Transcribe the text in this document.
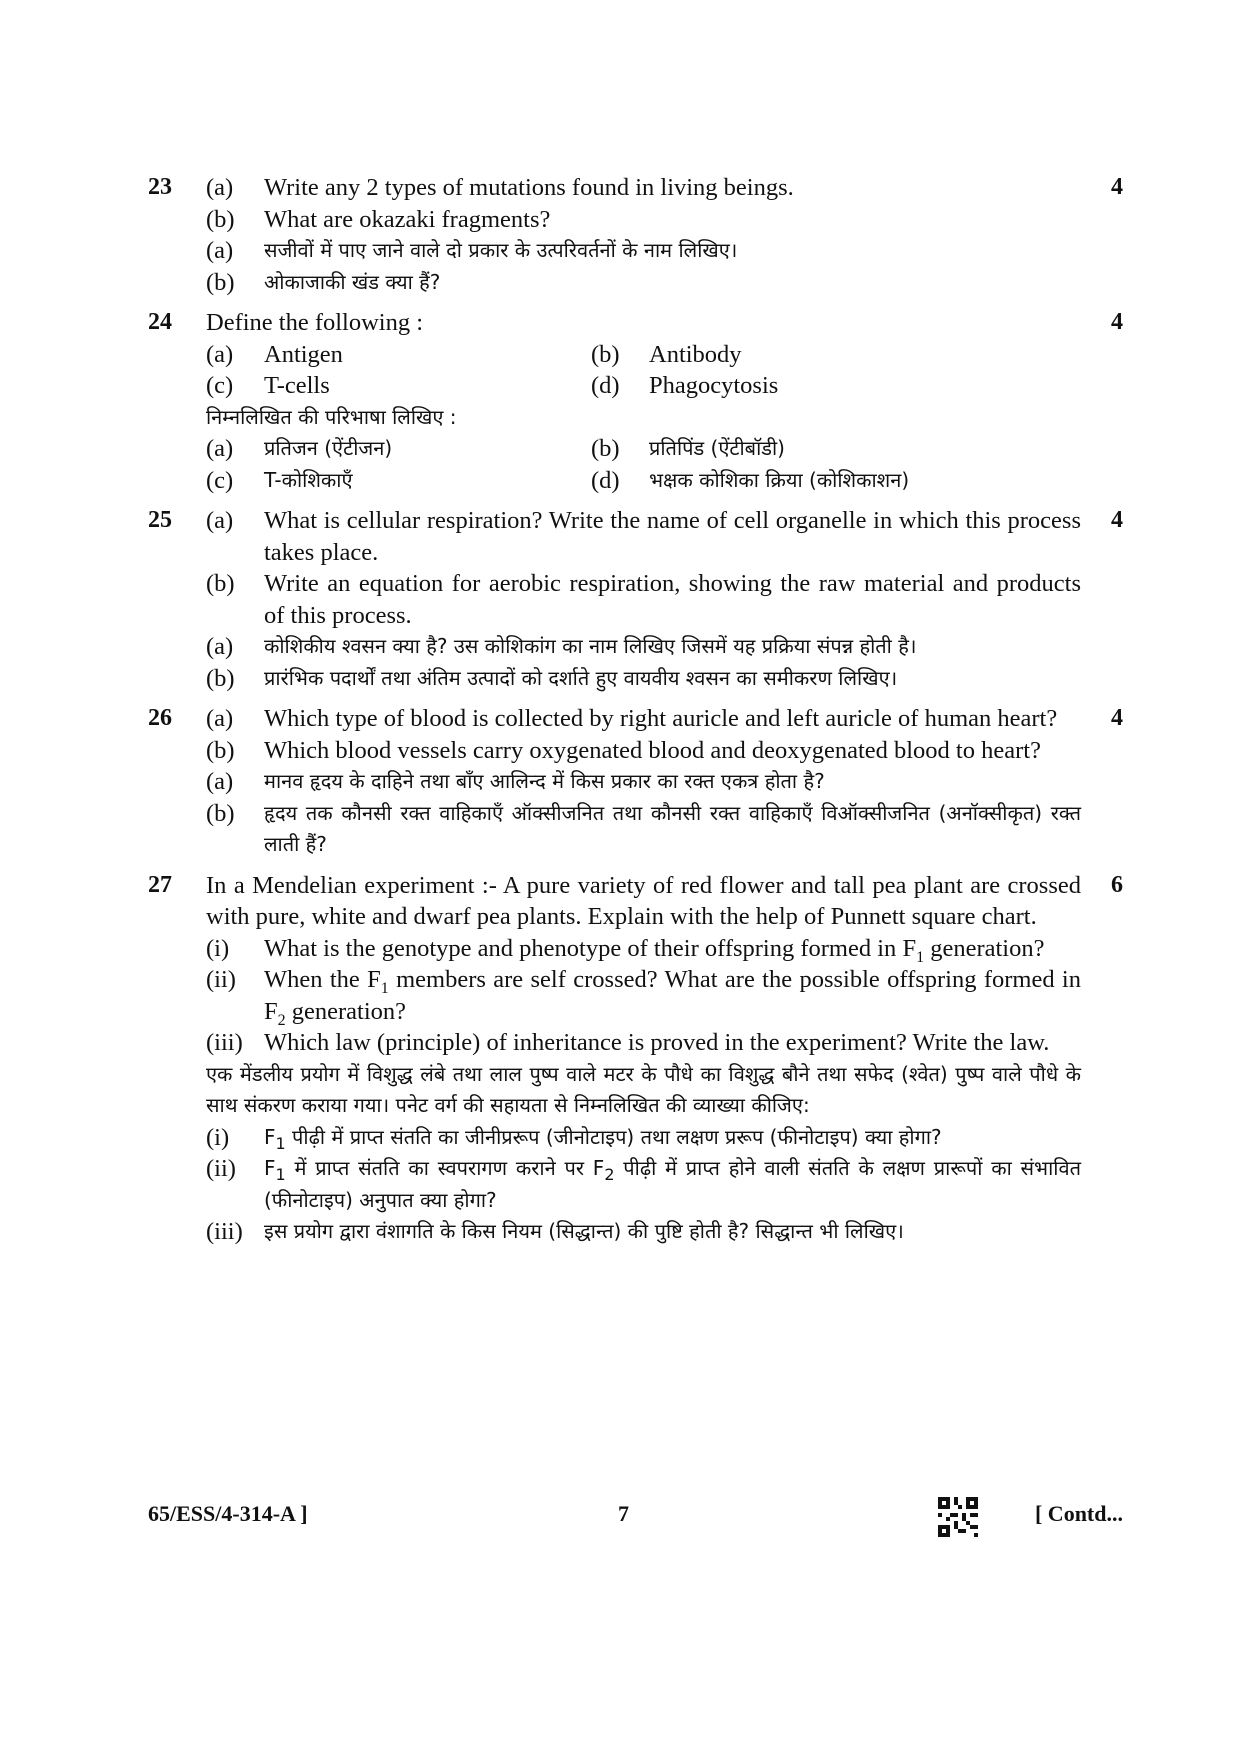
23	(a)	Write any 2 types of mutations found in living beings.
(b)	What are okazaki fragments?
(a)	सजीवों में पाए जाने वाले दो प्रकार के उत्परिवर्तनों के नाम लिखिए।
(b)	ओकाजाकी खंड क्या हैं?
4
24	Define the following :
(a)	Antigen	(b)	Antibody
(c)	T-cells	(d)	Phagocytosis
निम्नलिखित की परिभाषा लिखिए :
(a)	प्रतिजन (ऐंटीजन)	(b)	प्रतिपिंड (ऐंटीबॉडी)
(c)	T-कोशिकाएँ	(d)	भक्षक कोशिका क्रिया (कोशिकाशन)
4
25	(a)	What is cellular respiration? Write the name of cell organelle in which this process takes place.
(b)	Write an equation for aerobic respiration, showing the raw material and products of this process.
(a)	कोशिकीय श्वसन क्या है? उस कोशिकांग का नाम लिखिए जिसमें यह प्रक्रिया संपन्न होती है।
(b)	प्रारंभिक पदार्थों तथा अंतिम उत्पादों को दर्शाते हुए वायवीय श्वसन का समीकरण लिखिए।
4
26	(a)	Which type of blood is collected by right auricle and left auricle of human heart?
(b)	Which blood vessels carry oxygenated blood and deoxygenated blood to heart?
(a)	मानव हृदय के दाहिने तथा बाँए आलिन्द में किस प्रकार का रक्त एकत्र होता है?
(b)	हृदय तक कौनसी रक्त वाहिकाएँ ऑक्सीजनित तथा कौनसी रक्त वाहिकाएँ विऑक्सीजनित (अनॉक्सीकृत) रक्त लाती हैं?
4
27	In a Mendelian experiment :- A pure variety of red flower and tall pea plant are crossed with pure, white and dwarf pea plants. Explain with the help of Punnett square chart.
(i)	What is the genotype and phenotype of their offspring formed in $F_1$ generation?
(ii)	When the $F_1$ members are self crossed? What are the possible offspring formed in $F_2$ generation?
(iii) Which law (principle) of inheritance is proved in the experiment? Write the law.
एक मेंडलीय प्रयोग में विशुद्ध लंबे तथा लाल पुष्प वाले मटर के पौधे का विशुद्ध बौने तथा सफेद (श्वेत) पुष्प वाले पौधे के साथ संकरण कराया गया। पनेट वर्ग की सहायता से निम्नलिखित की व्याख्या कीजिए:
(i)	$F_1$ पीढ़ी में प्राप्त संतति का जीनीप्ररूप (जीनोटाइप) तथा लक्षण प्ररूप (फीनोटाइप) क्या होगा?
(ii)	$F_1$ में प्राप्त संतति का स्वपरागण कराने पर $F_2$ पीढ़ी में प्राप्त होने वाली संतति के लक्षण प्रारूपों का संभावित (फीनोटाइप) अनुपात क्या होगा?
(iii)	इस प्रयोग द्वारा वंशागति के किस नियम (सिद्धान्त) की पुष्टि होती है? सिद्धान्त भी लिखिए।
6
65/ESS/4-314-A ]	7	[ Contd...
